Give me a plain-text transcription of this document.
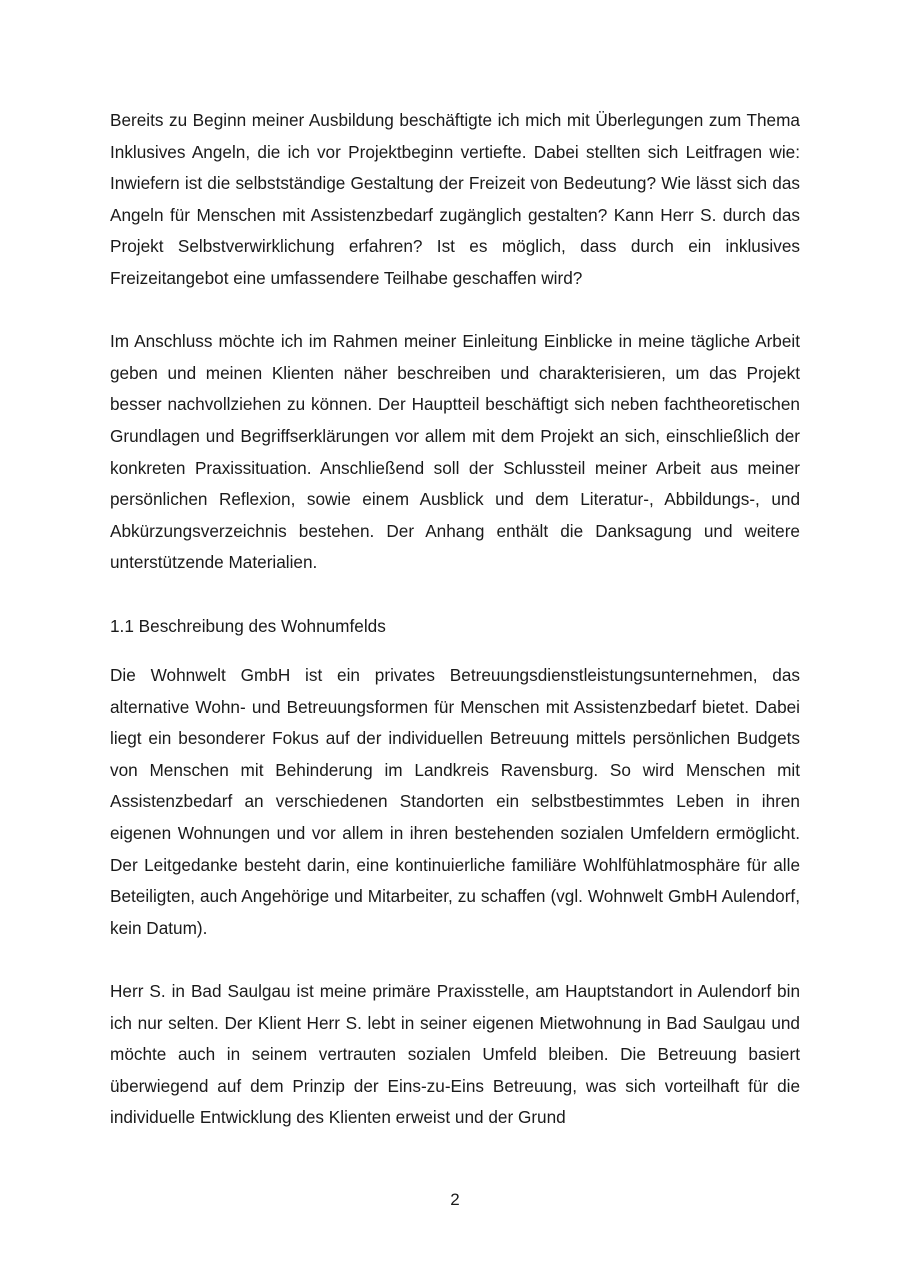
Bereits zu Beginn meiner Ausbildung beschäftigte ich mich mit Überlegungen zum Thema Inklusives Angeln, die ich vor Projektbeginn vertiefte. Dabei stellten sich Leitfragen wie: Inwiefern ist die selbstständige Gestaltung der Freizeit von Bedeutung? Wie lässt sich das Angeln für Menschen mit Assistenzbedarf zugänglich gestalten? Kann Herr S. durch das Projekt Selbstverwirklichung erfahren? Ist es möglich, dass durch ein inklusives Freizeitangebot eine umfassendere Teilhabe geschaffen wird?

Im Anschluss möchte ich im Rahmen meiner Einleitung Einblicke in meine tägliche Arbeit geben und meinen Klienten näher beschreiben und charakterisieren, um das Projekt besser nachvollziehen zu können. Der Hauptteil beschäftigt sich neben fachtheoretischen Grundlagen und Begriffserklärungen vor allem mit dem Projekt an sich, einschließlich der konkreten Praxissituation. Anschließend soll der Schlussteil meiner Arbeit aus meiner persönlichen Reflexion, sowie einem Ausblick und dem Literatur-, Abbildungs-, und Abkürzungsverzeichnis bestehen. Der Anhang enthält die Danksagung und weitere unterstützende Materialien.

1.1 Beschreibung des Wohnumfelds

Die Wohnwelt GmbH ist ein privates Betreuungsdienstleistungsunternehmen, das alternative Wohn- und Betreuungsformen für Menschen mit Assistenzbedarf bietet. Dabei liegt ein besonderer Fokus auf der individuellen Betreuung mittels persönlichen Budgets von Menschen mit Behinderung im Landkreis Ravensburg. So wird Menschen mit Assistenzbedarf an verschiedenen Standorten ein selbstbestimmtes Leben in ihren eigenen Wohnungen und vor allem in ihren bestehenden sozialen Umfeldern ermöglicht. Der Leitgedanke besteht darin, eine kontinuierliche familiäre Wohlfühlatmosphäre für alle Beteiligten, auch Angehörige und Mitarbeiter, zu schaffen (vgl. Wohnwelt GmbH Aulendorf, kein Datum).

Herr S. in Bad Saulgau ist meine primäre Praxisstelle, am Hauptstandort in Aulendorf bin ich nur selten. Der Klient Herr S. lebt in seiner eigenen Mietwohnung in Bad Saulgau und möchte auch in seinem vertrauten sozialen Umfeld bleiben. Die Betreuung basiert überwiegend auf dem Prinzip der Eins-zu-Eins Betreuung, was sich vorteilhaft für die individuelle Entwicklung des Klienten erweist und der Grund

2
